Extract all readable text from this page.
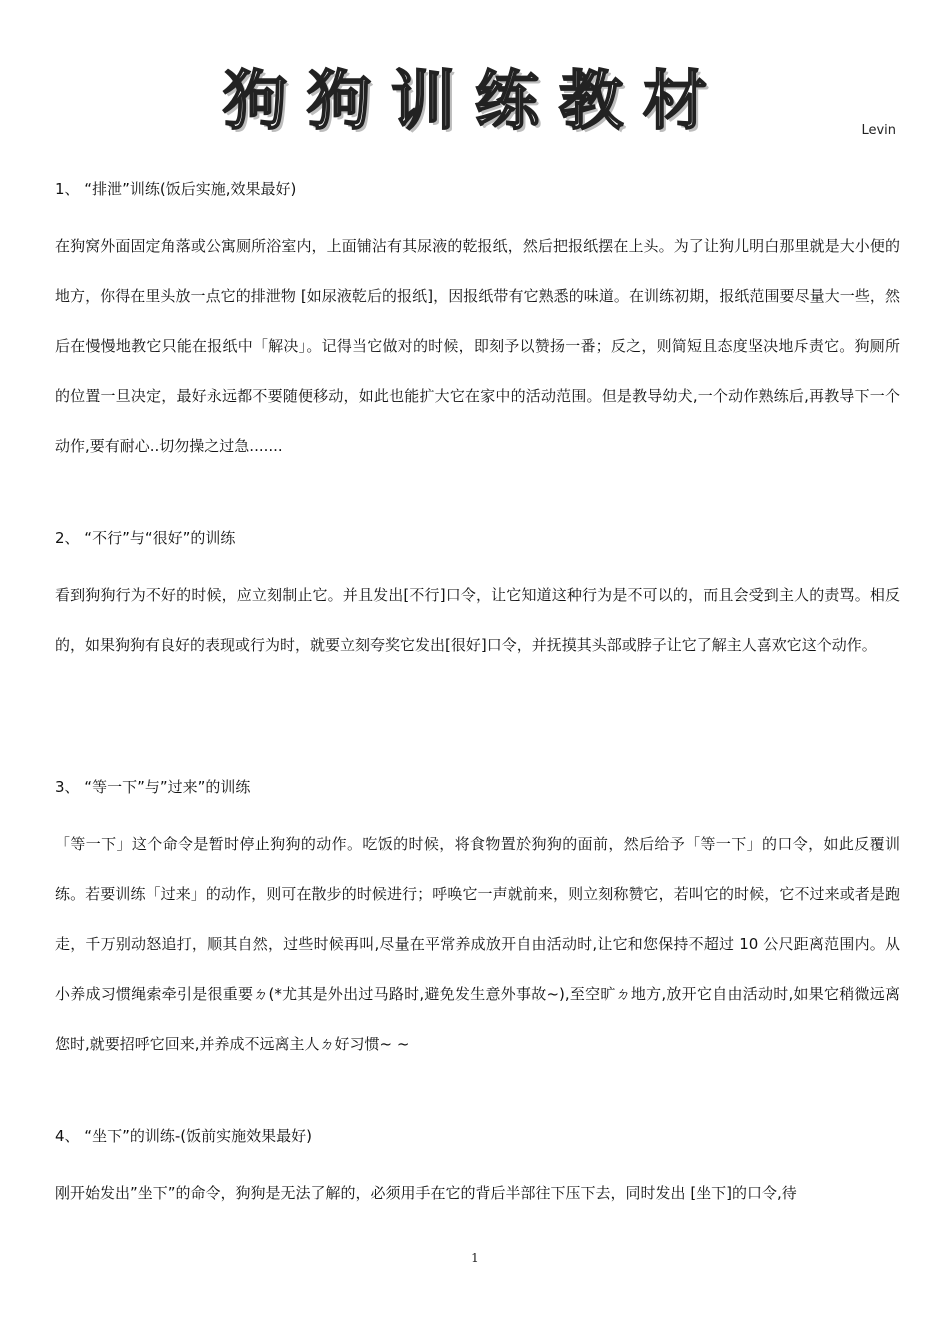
狗狗训练教材	Levin
1、 “排泄”训练(饭后实施,效果最好)

在狗窝外面固定角落或公寓厕所浴室内，上面铺沾有其尿液的乾报纸，然后把报纸摆在上头。为了让狗儿明白那里就是大小便的地方，你得在里头放一点它的排泄物 [如尿液乾后的报纸]，因报纸带有它熟悉的味道。在训练初期，报纸范围要尽量大一些，然后在慢慢地教它只能在报纸中「解决」。记得当它做对的时候，即刻予以赞扬一番；反之，则简短且态度坚决地斥责它。狗厕所的位置一旦决定，最好永远都不要随便移动，如此也能扩大它在家中的活动范围。但是教导幼犬,一个动作熟练后,再教导下一个动作,要有耐心..切勿操之过急.......

2、 “不行”与“很好”的训练

看到狗狗行为不好的时候，应立刻制止它。并且发出[不行]口令，让它知道这种行为是不可以的，而且会受到主人的责骂。相反的，如果狗狗有良好的表现或行为时，就要立刻夸奖它发出[很好]口令，并抚摸其头部或脖子让它了解主人喜欢它这个动作。

3、 “等一下”与”过来”的训练

「等一下」这个命令是暂时停止狗狗的动作。吃饭的时候，将食物置於狗狗的面前，然后给予「等一下」的口令，如此反覆训练。若要训练「过来」的动作，则可在散步的时候进行；呼唤它一声就前来，则立刻称赞它，若叫它的时候，它不过来或者是跑走，千万别动怒追打，顺其自然，过些时候再叫,尽量在平常养成放开自由活动时,让它和您保持不超过 10 公尺距离范围内。从小养成习惯绳索牵引是很重要ㄉ(*尤其是外出过马路时,避免发生意外事故~),至空旷ㄉ地方,放开它自由活动时,如果它稍微远离您时,就要招呼它回来,并养成不远离主人ㄉ好习惯~ ~

4、 “坐下”的训练-(饭前实施效果最好)

刚开始发出”坐下”的命令，狗狗是无法了解的，必须用手在它的背后半部往下压下去，同时发出 [坐下]的口令,待

1
